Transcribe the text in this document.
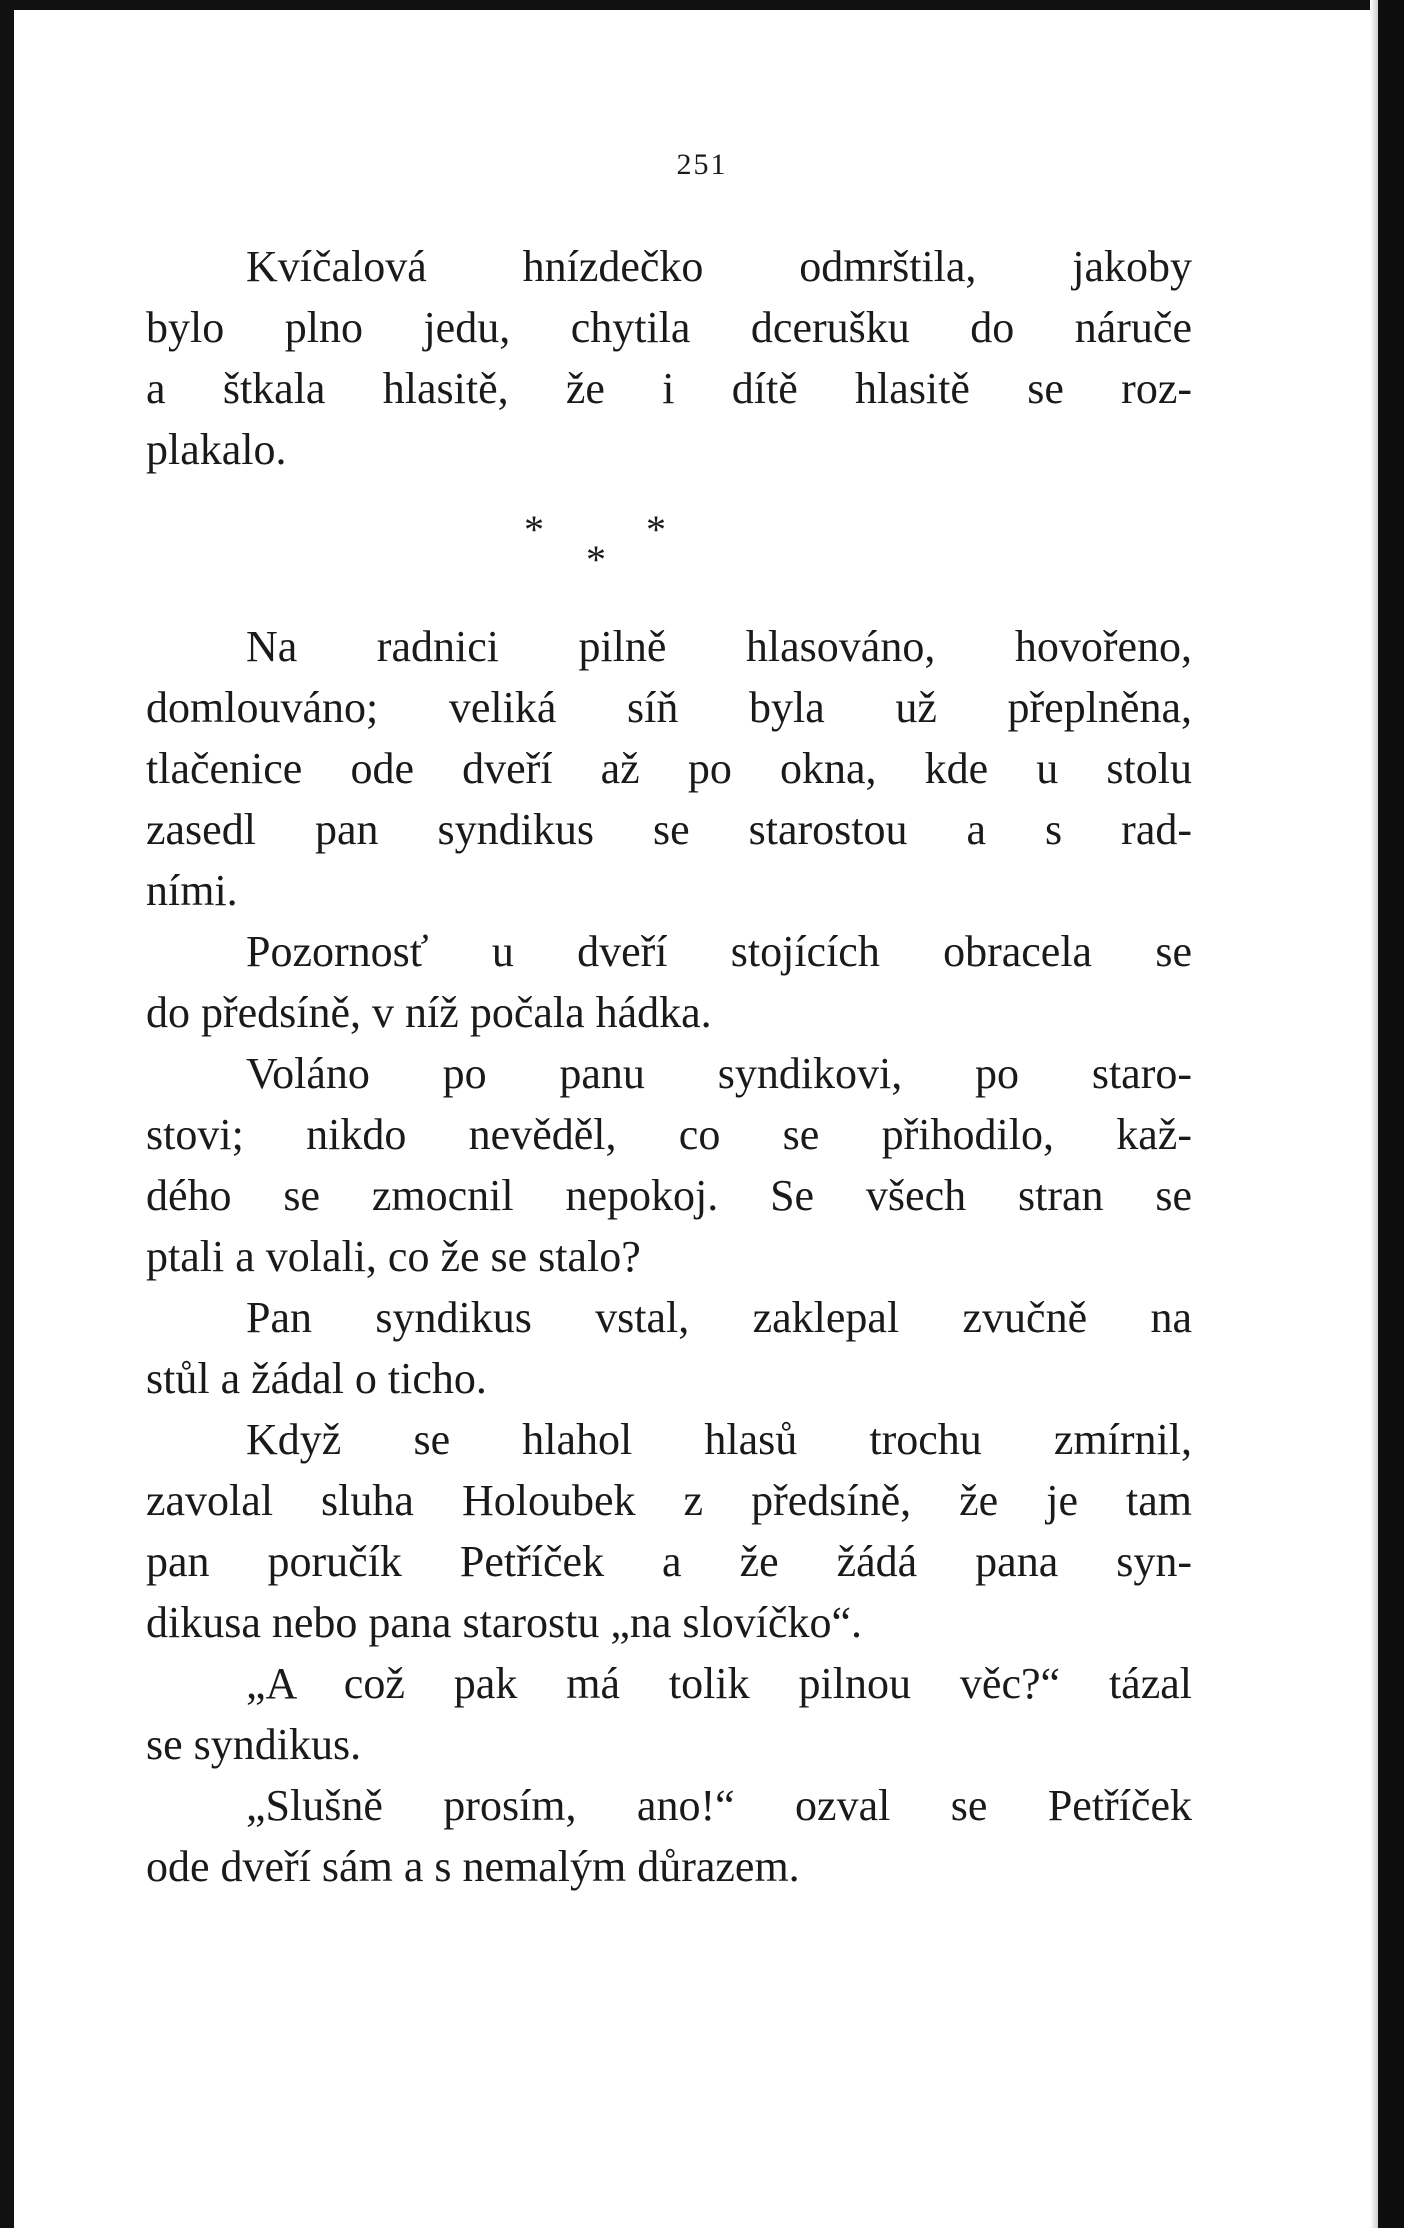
251
Kvíčalová hnízdečko odmrštila, jakoby
bylo plno jedu, chytila dcerušku do náruče
a štkala hlasitě, že i dítě hlasitě se roz-
plakalo.
*	*
*
Na radnici pilně hlasováno, hovořeno,
domlouváno; veliká síň byla už přeplněna,
tlačenice ode dveří až po okna, kde u stolu
zasedl pan syndikus se starostou a s rad-
ními.
Pozornosť u dveří stojících obracela se
do předsíně, v níž počala hádka.
Voláno po panu syndikovi, po staro-
stovi; nikdo nevěděl, co se přihodilo, kaž-
dého se zmocnil nepokoj. Se všech stran se
ptali a volali, co že se stalo?
Pan syndikus vstal, zaklepal zvučně na
stůl a žádal o ticho.
Když se hlahol hlasů trochu zmírnil,
zavolal sluha Holoubek z předsíně, že je tam
pan poručík Petříček a že žádá pana syn-
dikusa nebo pana starostu „na slovíčko“.
„A což pak má tolik pilnou věc?“ tázal
se syndikus.
„Slušně prosím, ano!“ ozval se Petříček
ode dveří sám a s nemalým důrazem.
